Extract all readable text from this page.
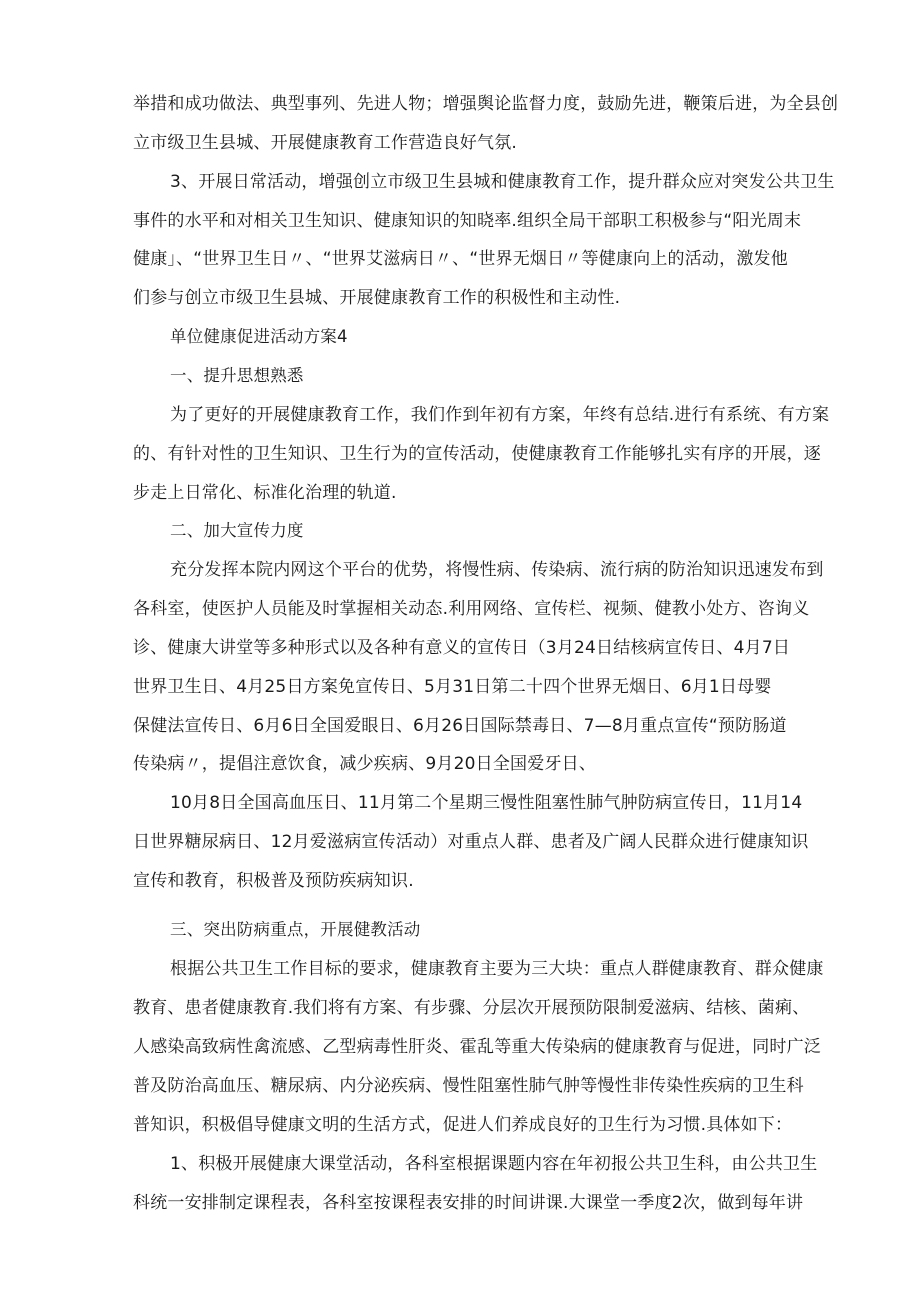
举措和成功做法、典型事列、先进人物；增强舆论监督力度，鼓励先进，鞭策后进，为全县创
立市级卫生县城、开展健康教育工作营造良好气氛.
3、开展日常活动，增强创立市级卫生县城和健康教育工作，提升群众应对突发公共卫生
事件的水平和对相关卫生知识、健康知识的知晓率.组织全局干部职工积极参与“阳光周末
健康」、“世界卫生日〃、“世界艾滋病日〃、“世界无烟日〃等健康向上的活动，激发他
们参与创立市级卫生县城、开展健康教育工作的积极性和主动性.
单位健康促进活动方案4
一、提升思想熟悉
为了更好的开展健康教育工作，我们作到年初有方案，年终有总结.进行有系统、有方案
的、有针对性的卫生知识、卫生行为的宣传活动，使健康教育工作能够扎实有序的开展，逐
步走上日常化、标准化治理的轨道.
二、加大宣传力度
充分发挥本院内网这个平台的优势，将慢性病、传染病、流行病的防治知识迅速发布到
各科室，使医护人员能及时掌握相关动态.利用网络、宣传栏、视频、健教小处方、咨询义
诊、健康大讲堂等多种形式以及各种有意义的宣传日（3月24日结核病宣传日、4月7日
世界卫生日、4月25日方案免宣传日、5月31日第二十四个世界无烟日、6月1日母婴
保健法宣传日、6月6日全国爱眼日、6月26日国际禁毒日、7—8月重点宣传“预防肠道
传染病〃，提倡注意饮食，减少疾病、9月20日全国爱牙日、
10月8日全国高血压日、11月第二个星期三慢性阻塞性肺气肿防病宣传日，11月14
日世界糖尿病日、12月爱滋病宣传活动）对重点人群、患者及广阔人民群众进行健康知识
宣传和教育，积极普及预防疾病知识.
三、突出防病重点，开展健教活动
根据公共卫生工作目标的要求，健康教育主要为三大块：重点人群健康教育、群众健康
教育、患者健康教育.我们将有方案、有步骤、分层次开展预防限制爱滋病、结核、菌痢、
人感染高致病性禽流感、乙型病毒性肝炎、霍乱等重大传染病的健康教育与促进，同时广泛
普及防治高血压、糖尿病、内分泌疾病、慢性阻塞性肺气肿等慢性非传染性疾病的卫生科
普知识，积极倡导健康文明的生活方式，促进人们养成良好的卫生行为习惯.具体如下：
1、积极开展健康大课堂活动，各科室根据课题内容在年初报公共卫生科，由公共卫生
科统一安排制定课程表，各科室按课程表安排的时间讲课.大课堂一季度2次，做到每年讲
